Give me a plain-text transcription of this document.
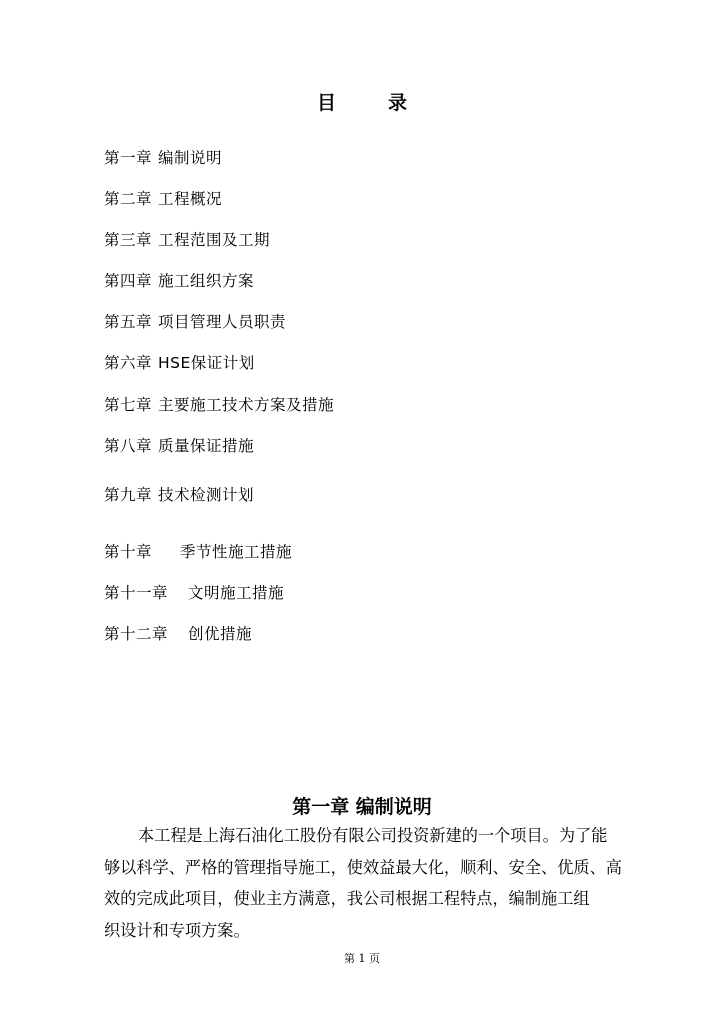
目	录
第一章 编制说明
第二章 工程概况
第三章 工程范围及工期
第四章 施工组织方案
第五章 项目管理人员职责
第六章 HSE保证计划
第七章 主要施工技术方案及措施
第八章 质量保证措施
第九章 技术检测计划
第十章 季节性施工措施
第十一章 文明施工措施
第十二章 创优措施
第一章 编制说明
本工程是上海石油化工股份有限公司投资新建的一个项目。为了能
够以科学、严格的管理指导施工，使效益最大化，顺利、安全、优质、高
效的完成此项目，使业主方满意，我公司根据工程特点，编制施工组
织设计和专项方案。
第 1 页
